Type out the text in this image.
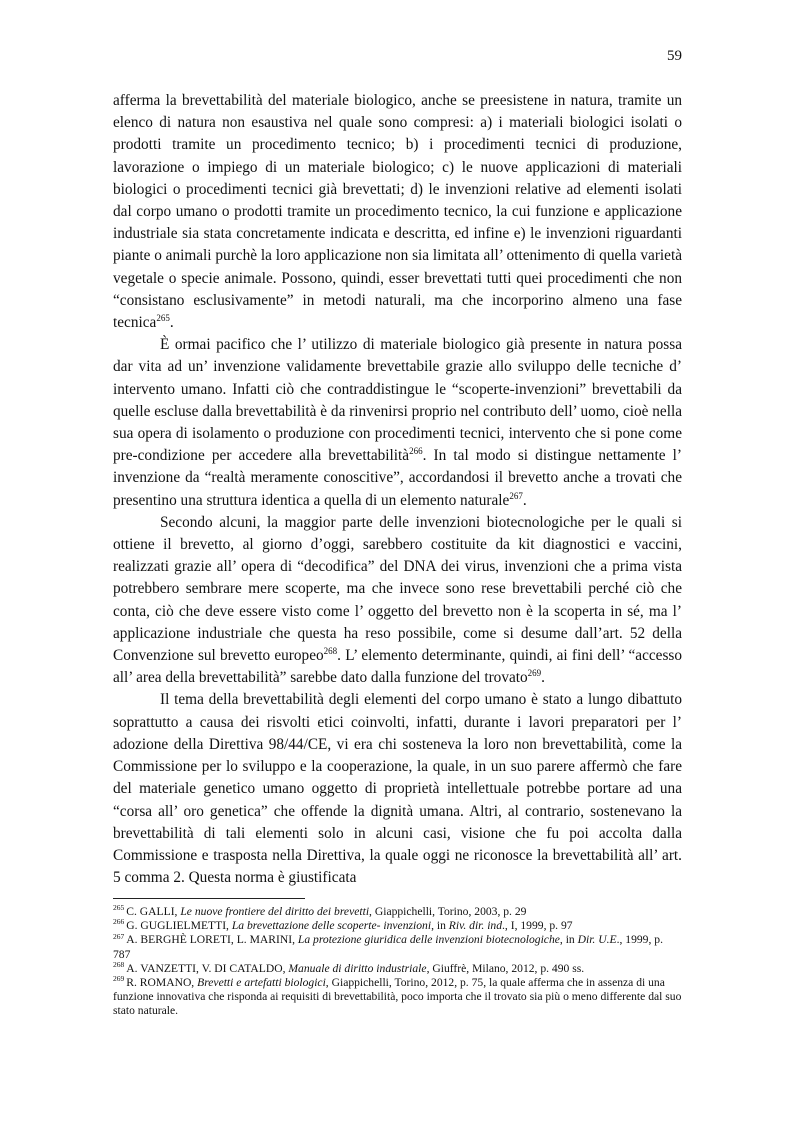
59

afferma la brevettabilità del materiale biologico, anche se preesistene in natura, tramite un elenco di natura non esaustiva nel quale sono compresi: a) i materiali biologici isolati o prodotti tramite un procedimento tecnico; b) i procedimenti tecnici di produzione, lavorazione o impiego di un materiale biologico; c) le nuove applicazioni di materiali biologici o procedimenti tecnici già brevettati; d) le invenzioni relative ad elementi isolati dal corpo umano o prodotti tramite un procedimento tecnico, la cui funzione e applicazione industriale sia stata concretamente indicata e descritta, ed infine e) le invenzioni riguardanti piante o animali purchè la loro applicazione non sia limitata all’ ottenimento di quella varietà vegetale o specie animale. Possono, quindi, esser brevettati tutti quei procedimenti che non “consistano esclusivamente” in metodi naturali, ma che incorporino almeno una fase tecnica$^{265}$.

È ormai pacifico che l’ utilizzo di materiale biologico già presente in natura possa dar vita ad un’ invenzione validamente brevettabile grazie allo sviluppo delle tecniche d’ intervento umano. Infatti ciò che contraddistingue le “scoperte-invenzioni” brevettabili da quelle escluse dalla brevettabilità è da rinvenirsi proprio nel contributo dell’ uomo, cioè nella sua opera di isolamento o produzione con procedimenti tecnici, intervento che si pone come pre-condizione per accedere alla brevettabilità$^{266}$. In tal modo si distingue nettamente l’ invenzione da “realtà meramente conoscitive”, accordandosi il brevetto anche a trovati che presentino una struttura identica a quella di un elemento naturale$^{267}$.

Secondo alcuni, la maggior parte delle invenzioni biotecnologiche per le quali si ottiene il brevetto, al giorno d’oggi, sarebbero costituite da kit diagnostici e vaccini, realizzati grazie all’ opera di “decodifica” del DNA dei virus, invenzioni che a prima vista potrebbero sembrare mere scoperte, ma che invece sono rese brevettabili perché ciò che conta, ciò che deve essere visto come l’ oggetto del brevetto non è la scoperta in sé, ma l’ applicazione industriale che questa ha reso possibile, come si desume dall’art. 52 della Convenzione sul brevetto europeo$^{268}$. L’ elemento determinante, quindi, ai fini dell’ “accesso all’ area della brevettabilità” sarebbe dato dalla funzione del trovato$^{269}$.

Il tema della brevettabilità degli elementi del corpo umano è stato a lungo dibattuto soprattutto a causa dei risvolti etici coinvolti, infatti, durante i lavori preparatori per l’ adozione della Direttiva 98/44/CE, vi era chi sosteneva la loro non brevettabilità, come la Commissione per lo sviluppo e la cooperazione, la quale, in un suo parere affermò che fare del materiale genetico umano oggetto di proprietà intellettuale potrebbe portare ad una “corsa all’ oro genetica” che offende la dignità umana. Altri, al contrario, sostenevano la brevettabilità di tali elementi solo in alcuni casi, visione che fu poi accolta dalla Commissione e trasposta nella Direttiva, la quale oggi ne riconosce la brevettabilità all’ art. 5 comma 2. Questa norma è giustificata

$^{265}$ C. GALLI, Le nuove frontiere del diritto dei brevetti, Giappichelli, Torino, 2003, p. 29

$^{266}$ G. GUGLIELMETTI, La brevettazione delle scoperte- invenzioni, in Riv. dir. ind., I, 1999, p. 97

$^{267}$ A. BERGHÈ LORETI, L. MARINI, La protezione giuridica delle invenzioni biotecnologiche, in Dir. U.E., 1999, p. 787

$^{268}$ A. VANZETTI, V. DI CATALDO, Manuale di diritto industriale, Giuffrè, Milano, 2012, p. 490 ss.

$^{269}$ R. ROMANO, Brevetti e artefatti biologici, Giappichelli, Torino, 2012, p. 75, la quale afferma che in assenza di una funzione innovativa che risponda ai requisiti di brevettabilità, poco importa che il trovato sia più o meno differente dal suo stato naturale.
